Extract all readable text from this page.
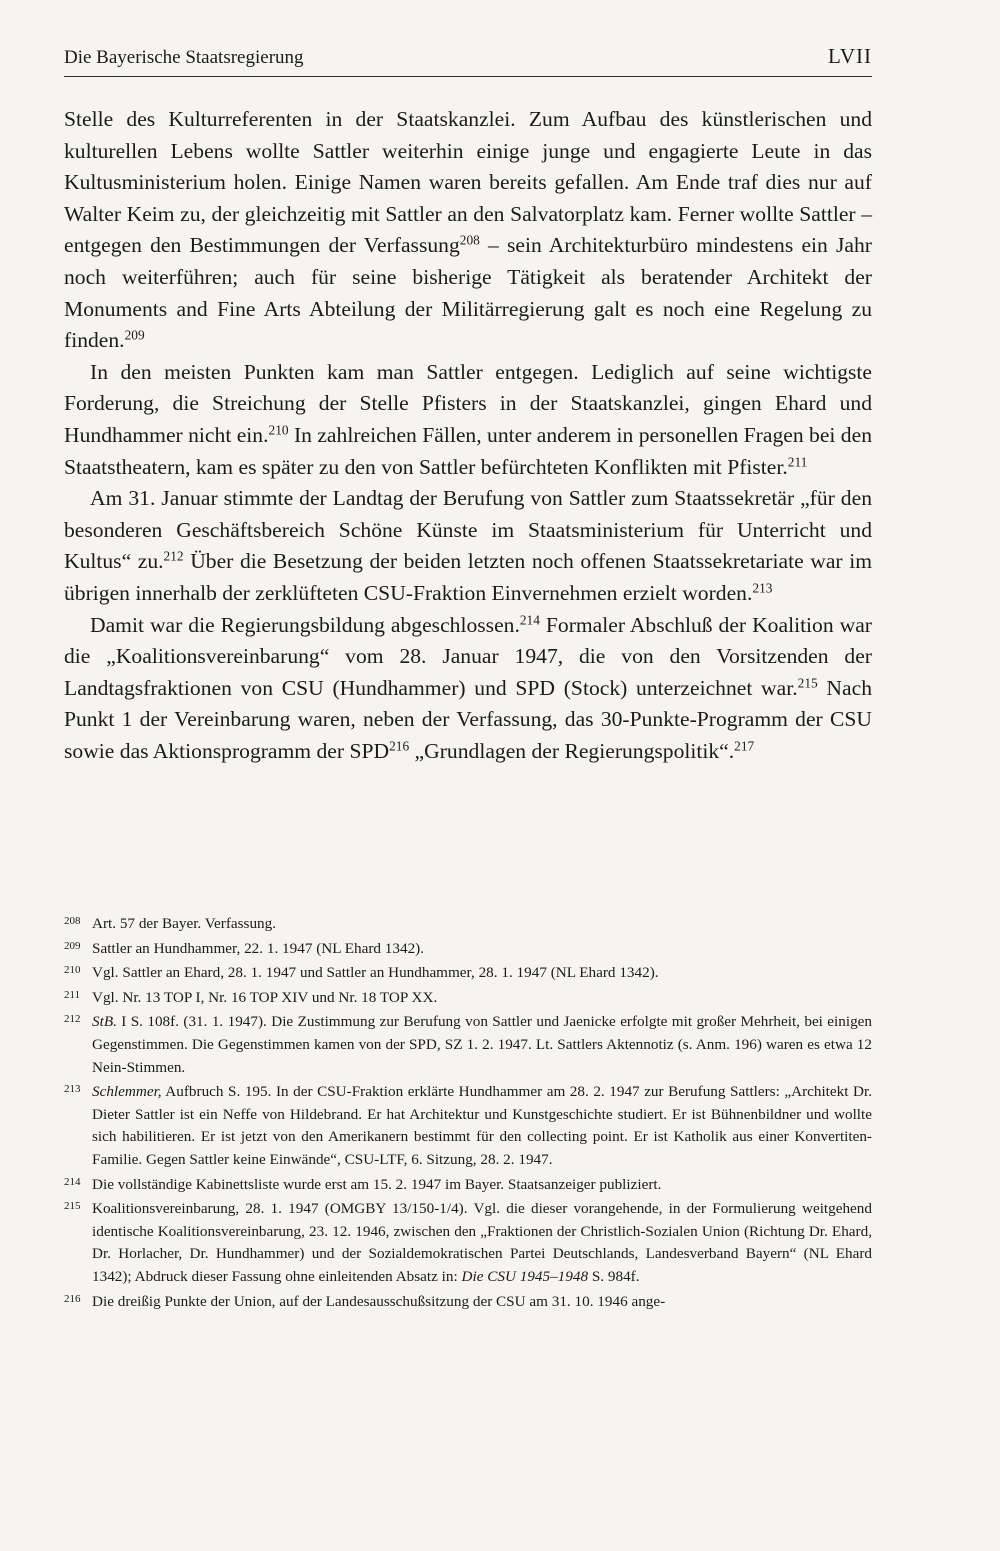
Die Bayerische Staatsregierung	LVII

Stelle des Kulturreferenten in der Staatskanzlei. Zum Aufbau des künstlerischen und kulturellen Lebens wollte Sattler weiterhin einige junge und engagierte Leute in das Kultusministerium holen. Einige Namen waren bereits gefallen. Am Ende traf dies nur auf Walter Keim zu, der gleichzeitig mit Sattler an den Salvatorplatz kam. Ferner wollte Sattler – entgegen den Bestimmungen der Verfassung$^{208}$ – sein Architekturbüro mindestens ein Jahr noch weiterführen; auch für seine bisherige Tätigkeit als beratender Architekt der Monuments and Fine Arts Abteilung der Militärregierung galt es noch eine Regelung zu finden.$^{209}$

In den meisten Punkten kam man Sattler entgegen. Lediglich auf seine wichtigste Forderung, die Streichung der Stelle Pfisters in der Staatskanzlei, gingen Ehard und Hundhammer nicht ein.$^{210}$ In zahlreichen Fällen, unter anderem in personellen Fragen bei den Staatstheatern, kam es später zu den von Sattler befürchteten Konflikten mit Pfister.$^{211}$

Am 31. Januar stimmte der Landtag der Berufung von Sattler zum Staatssekretär „für den besonderen Geschäftsbereich Schöne Künste im Staatsministerium für Unterricht und Kultus“ zu.$^{212}$ Über die Besetzung der beiden letzten noch offenen Staatssekretariate war im übrigen innerhalb der zerklüfteten CSU-Fraktion Einvernehmen erzielt worden.$^{213}$

Damit war die Regierungsbildung abgeschlossen.$^{214}$ Formaler Abschluß der Koalition war die „Koalitionsvereinbarung“ vom 28. Januar 1947, die von den Vorsitzenden der Landtagsfraktionen von CSU (Hundhammer) und SPD (Stock) unterzeichnet war.$^{215}$ Nach Punkt 1 der Vereinbarung waren, neben der Verfassung, das 30-Punkte-Programm der CSU sowie das Aktionsprogramm der SPD$^{216}$ „Grundlagen der Regierungspolitik“.$^{217}$

208 Art. 57 der Bayer. Verfassung.
209 Sattler an Hundhammer, 22. 1. 1947 (NL Ehard 1342).
210 Vgl. Sattler an Ehard, 28. 1. 1947 und Sattler an Hundhammer, 28. 1. 1947 (NL Ehard 1342).
211 Vgl. Nr. 13 TOP I, Nr. 16 TOP XIV und Nr. 18 TOP XX.
212 StB. I S. 108f. (31. 1. 1947). Die Zustimmung zur Berufung von Sattler und Jaenicke erfolgte mit großer Mehrheit, bei einigen Gegenstimmen. Die Gegenstimmen kamen von der SPD, SZ 1. 2. 1947. Lt. Sattlers Aktennotiz (s. Anm. 196) waren es etwa 12 Nein-Stimmen.
213 Schlemmer, Aufbruch S. 195. In der CSU-Fraktion erklärte Hundhammer am 28. 2. 1947 zur Berufung Sattlers: „Architekt Dr. Dieter Sattler ist ein Neffe von Hildebrand. Er hat Architektur und Kunstgeschichte studiert. Er ist Bühnenbildner und wollte sich habilitieren. Er ist jetzt von den Amerikanern bestimmt für den collecting point. Er ist Katholik aus einer Konvertiten-Familie. Gegen Sattler keine Einwände“, CSU-LTF, 6. Sitzung, 28. 2. 1947.
214 Die vollständige Kabinettsliste wurde erst am 15. 2. 1947 im Bayer. Staatsanzeiger publiziert.
215 Koalitionsvereinbarung, 28. 1. 1947 (OMGBY 13/150-1/4). Vgl. die dieser vorangehende, in der Formulierung weitgehend identische Koalitionsvereinbarung, 23. 12. 1946, zwischen den „Fraktionen der Christlich-Sozialen Union (Richtung Dr. Ehard, Dr. Horlacher, Dr. Hundhammer) und der Sozialdemokratischen Partei Deutschlands, Landesverband Bayern“ (NL Ehard 1342); Abdruck dieser Fassung ohne einleitenden Absatz in: Die CSU 1945–1948 S. 984f.
216 Die dreißig Punkte der Union, auf der Landesausschußsitzung der CSU am 31. 10. 1946 ange-
